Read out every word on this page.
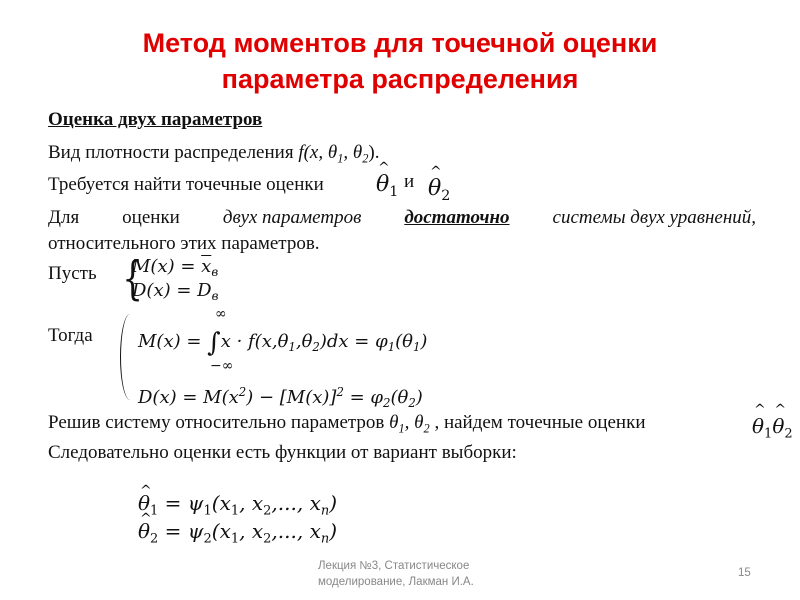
Метод моментов для точечной оценки
параметра распределения
Оценка двух параметров
Вид плотности распределения f(x, $\theta_1$, $\theta_2$).
Требуется найти точечные оценки ^ $\theta_1$ и ^ $\theta_2$
Для оценки двух параметров достаточно системы двух уравнений,
относительного этих параметров.
Пусть {
$M(x) = \overline{x}_в$
$D(x) = D_в$
Тогда
∞
$M(x) = \int x \cdot f(x,\theta_1,\theta_2)dx = \varphi_1(\theta_1)$
−∞
$D(x) = M(x^2) - [M(x)]^2 = \varphi_2(\theta_2)$
Решив систему относительно параметров $\theta_1$, $\theta_2$ , найдем точечные оценки	^ $\theta_1\^{}$ $\theta_2$
Следовательно оценки есть функции от вариант выборки:
^ $\theta_1 = \psi_1(x_1$, $x_2$,..., $x_n$)
^ $\theta_2 = \psi_2(x_1$, $x_2$,..., $x_n$)
Лекция №3, Статистическое
моделирование, Лакман И.А.
15
